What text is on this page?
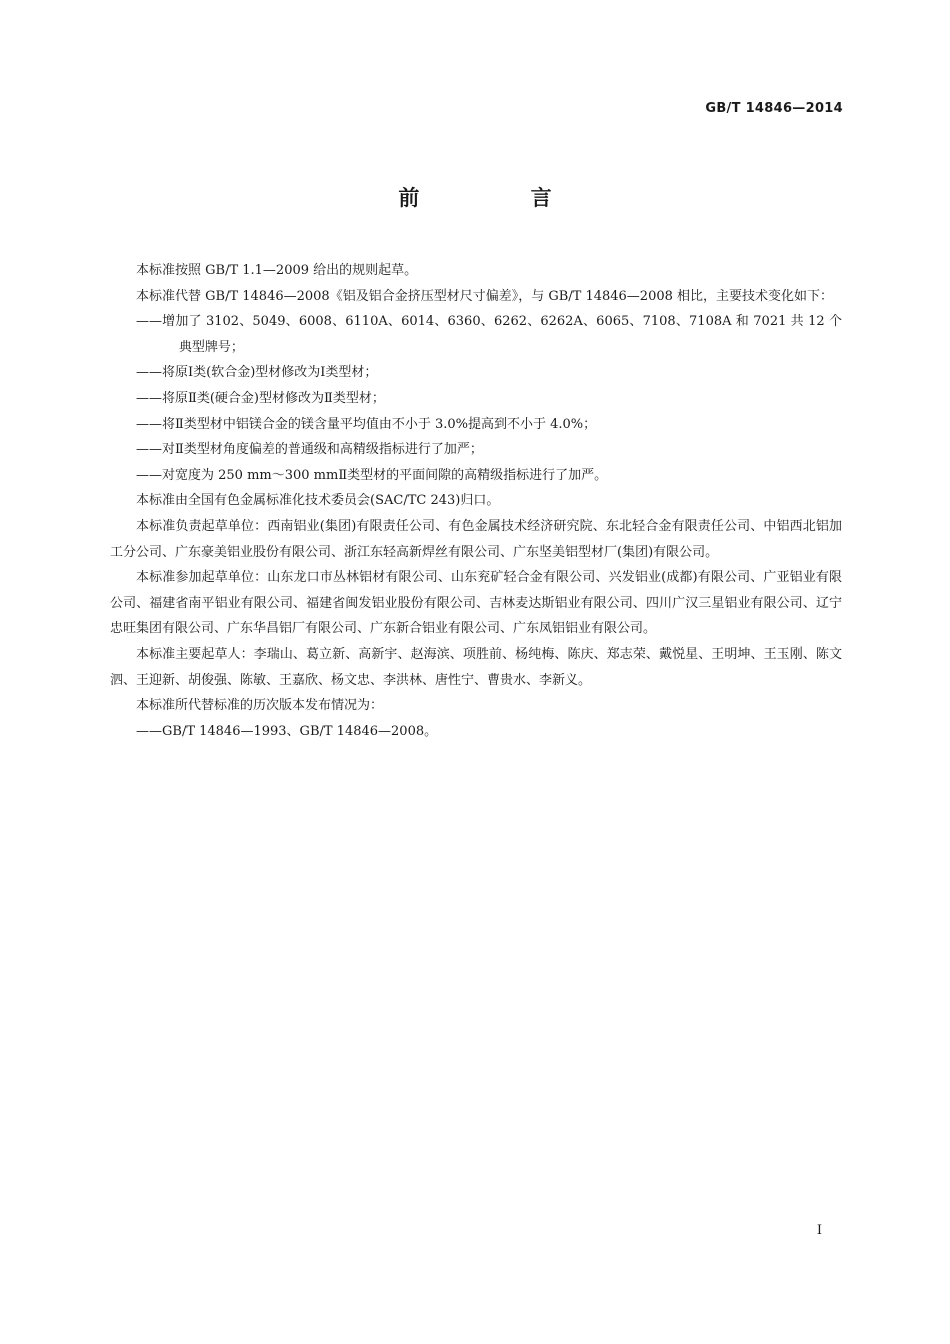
GB/T 14846—2014
前 言

本标准按照 GB/T 1.1—2009 给出的规则起草。

本标准代替 GB/T 14846—2008《铝及铝合金挤压型材尺寸偏差》，与 GB/T 14846—2008 相比，主要技术变化如下：

——增加了 3102、5049、6008、6110A、6014、6360、6262、6262A、6065、7108、7108A 和 7021 共 12 个典型牌号；

——将原Ⅰ类(软合金)型材修改为Ⅰ类型材；

——将原Ⅱ类(硬合金)型材修改为Ⅱ类型材；

——将Ⅱ类型材中铝镁合金的镁含量平均值由不小于 3.0%提高到不小于 4.0%；

——对Ⅱ类型材角度偏差的普通级和高精级指标进行了加严；

——对宽度为 250 mm～300 mmⅡ类型材的平面间隙的高精级指标进行了加严。

本标准由全国有色金属标准化技术委员会(SAC/TC 243)归口。

本标准负责起草单位：西南铝业(集团)有限责任公司、有色金属技术经济研究院、东北轻合金有限责任公司、中铝西北铝加工分公司、广东豪美铝业股份有限公司、浙江东轻高新焊丝有限公司、广东坚美铝型材厂(集团)有限公司。

本标准参加起草单位：山东龙口市丛林铝材有限公司、山东兖矿轻合金有限公司、兴发铝业(成都)有限公司、广亚铝业有限公司、福建省南平铝业有限公司、福建省闽发铝业股份有限公司、吉林麦达斯铝业有限公司、四川广汉三星铝业有限公司、辽宁忠旺集团有限公司、广东华昌铝厂有限公司、广东新合铝业有限公司、广东凤铝铝业有限公司。

本标准主要起草人：李瑞山、葛立新、高新宇、赵海滨、项胜前、杨纯梅、陈庆、郑志荣、戴悦星、王明坤、王玉刚、陈文泗、王迎新、胡俊强、陈敏、王嘉欣、杨文忠、李洪林、唐性宁、曹贵水、李新义。

本标准所代替标准的历次版本发布情况为：

——GB/T 14846—1993、GB/T 14846—2008。

I
